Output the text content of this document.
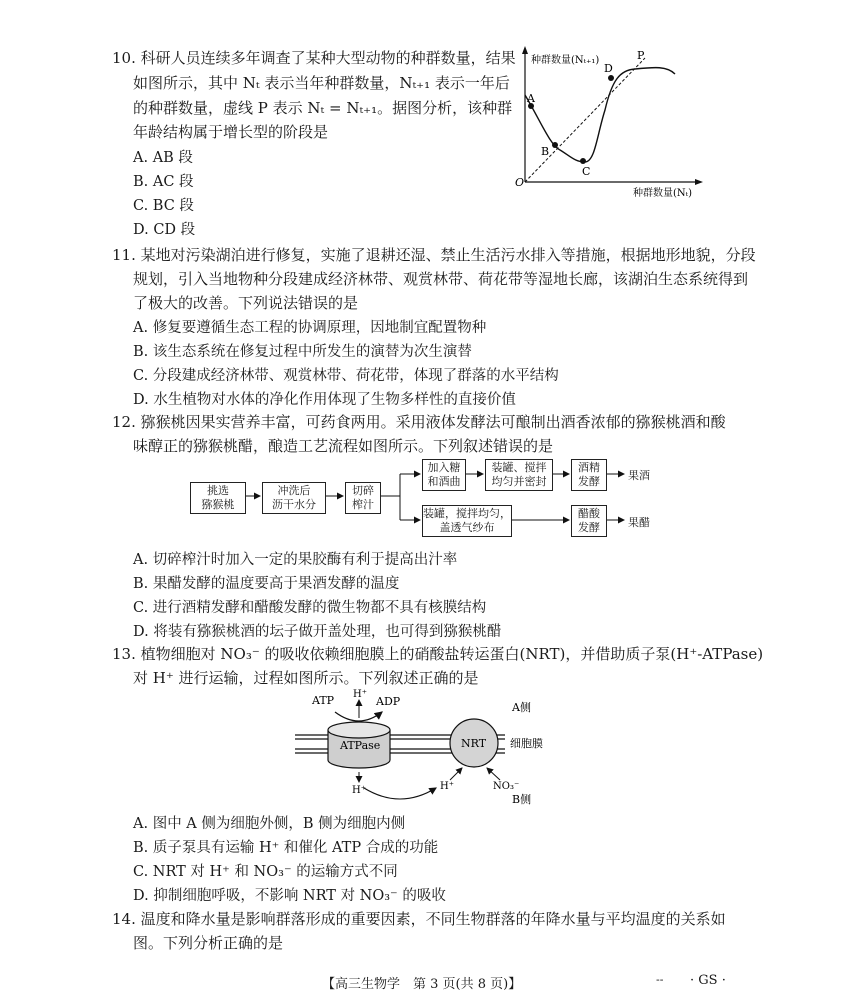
10. 科研人员连续多年调查了某种大型动物的种群数量，结果
如图所示，其中 Nₜ 表示当年种群数量，Nₜ₊₁ 表示一年后
的种群数量，虚线 P 表示 Nₜ = Nₜ₊₁。据图分析，该种群
年龄结构属于增长型的阶段是
A. AB 段
B. AC 段
C. BC 段
D. CD 段
A
B
C
D
P
O
种群数量(Nₜ₊₁)
种群数量(Nₜ)
11. 某地对污染湖泊进行修复，实施了退耕还湿、禁止生活污水排入等措施，根据地形地貌，分段
规划，引入当地物种分段建成经济林带、观赏林带、荷花带等湿地长廊，该湖泊生态系统得到
了极大的改善。下列说法错误的是
A. 修复要遵循生态工程的协调原理，因地制宜配置物种
B. 该生态系统在修复过程中所发生的演替为次生演替
C. 分段建成经济林带、观赏林带、荷花带，体现了群落的水平结构
D. 水生植物对水体的净化作用体现了生物多样性的直接价值
12. 猕猴桃因果实营养丰富，可药食两用。采用液体发酵法可酿制出酒香浓郁的猕猴桃酒和酸
味醇正的猕猴桃醋，酿造工艺流程如图所示。下列叙述错误的是
挑选
猕猴桃
冲洗后
沥干水分
切碎
榨汁
加入糖
和酒曲
装罐、搅拌
均匀并密封
酒精
发酵	果酒
装罐，搅拌均匀，
盖透气纱布
醋酸
发酵	果醋
A. 切碎榨汁时加入一定的果胶酶有利于提高出汁率
B. 果醋发酵的温度要高于果酒发酵的温度
C. 进行酒精发酵和醋酸发酵的微生物都不具有核膜结构
D. 将装有猕猴桃酒的坛子做开盖处理，也可得到猕猴桃醋
13. 植物细胞对 NO₃⁻ 的吸收依赖细胞膜上的硝酸盐转运蛋白(NRT)，并借助质子泵(H⁺-ATPase)
对 H⁺ 进行运输，过程如图所示。下列叙述正确的是
ATP H⁺
ADP
ATPase	NRT
A侧
细胞膜
H⁺	H⁺	NO₃⁻
B侧
A. 图中 A 侧为细胞外侧，B 侧为细胞内侧
B. 质子泵具有运输 H⁺ 和催化 ATP 合成的功能
C. NRT 对 H⁺ 和 NO₃⁻ 的运输方式不同
D. 抑制细胞呼吸，不影响 NRT 对 NO₃⁻ 的吸收
14. 温度和降水量是影响群落形成的重要因素，不同生物群落的年降水量与平均温度的关系如
图。下列分析正确的是
【高三生物学　第 3 页(共 8 页)】	-- · GS ·
